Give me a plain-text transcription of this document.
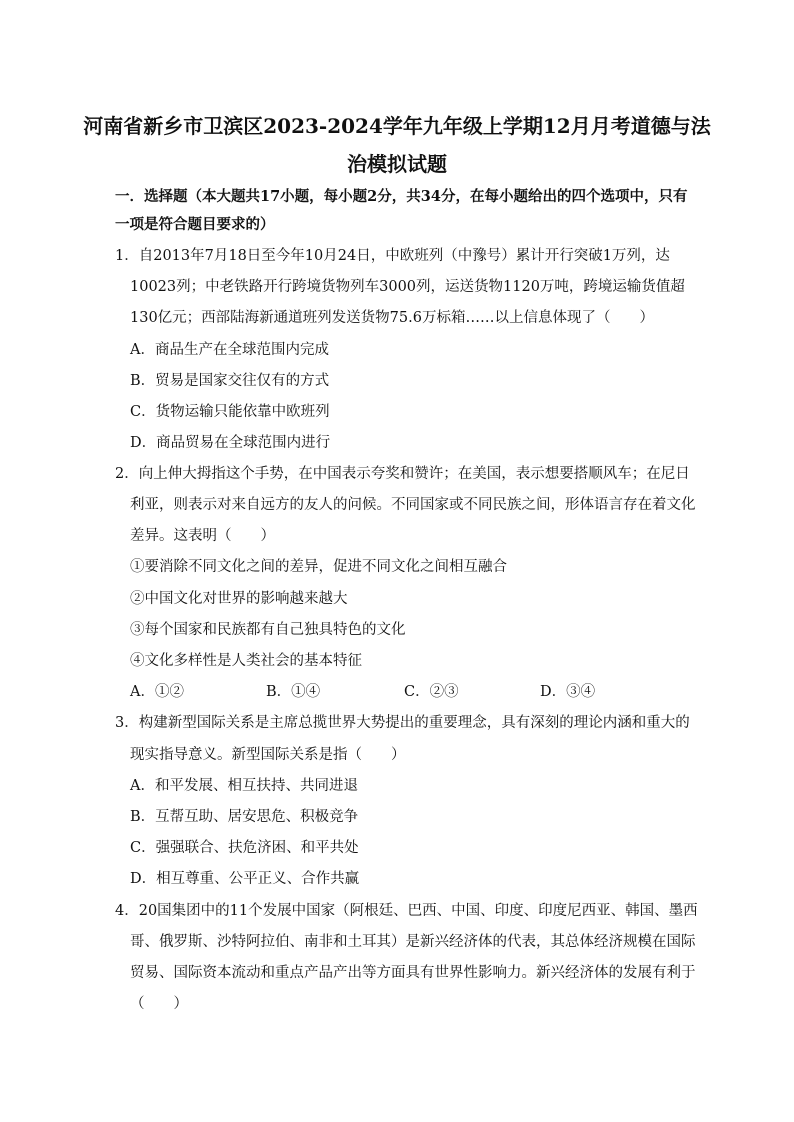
河南省新乡市卫滨区2023-2024学年九年级上学期12月月考道德与法
治模拟试题
一．选择题（本大题共17小题，每小题2分，共34分，在每小题给出的四个选项中，只有
一项是符合题目要求的）
1．自2013年7月18日至今年10月24日，中欧班列（中豫号）累计开行突破1万列，达
10023列；中老铁路开行跨境货物列车3000列，运送货物1120万吨，跨境运输货值超
130亿元；西部陆海新通道班列发送货物75.6万标箱……以上信息体现了（　　）
A．商品生产在全球范围内完成
B．贸易是国家交往仅有的方式
C．货物运输只能依靠中欧班列
D．商品贸易在全球范围内进行
2．向上伸大拇指这个手势，在中国表示夸奖和赞许；在美国，表示想要搭顺风车；在尼日
利亚，则表示对来自远方的友人的问候。不同国家或不同民族之间，形体语言存在着文化
差异。这表明（　　）
①要消除不同文化之间的差异，促进不同文化之间相互融合
②中国文化对世界的影响越来越大
③每个国家和民族都有自己独具特色的文化
④文化多样性是人类社会的基本特征
A．①②	B．①④	C．②③	D．③④
3．构建新型国际关系是主席总揽世界大势提出的重要理念，具有深刻的理论内涵和重大的
现实指导意义。新型国际关系是指（　　）
A．和平发展、相互扶持、共同进退
B．互帮互助、居安思危、积极竞争
C．强强联合、扶危济困、和平共处
D．相互尊重、公平正义、合作共赢
4．20国集团中的11个发展中国家（阿根廷、巴西、中国、印度、印度尼西亚、韩国、墨西
哥、俄罗斯、沙特阿拉伯、南非和土耳其）是新兴经济体的代表，其总体经济规模在国际
贸易、国际资本流动和重点产品产出等方面具有世界性影响力。新兴经济体的发展有利于
（　　）
